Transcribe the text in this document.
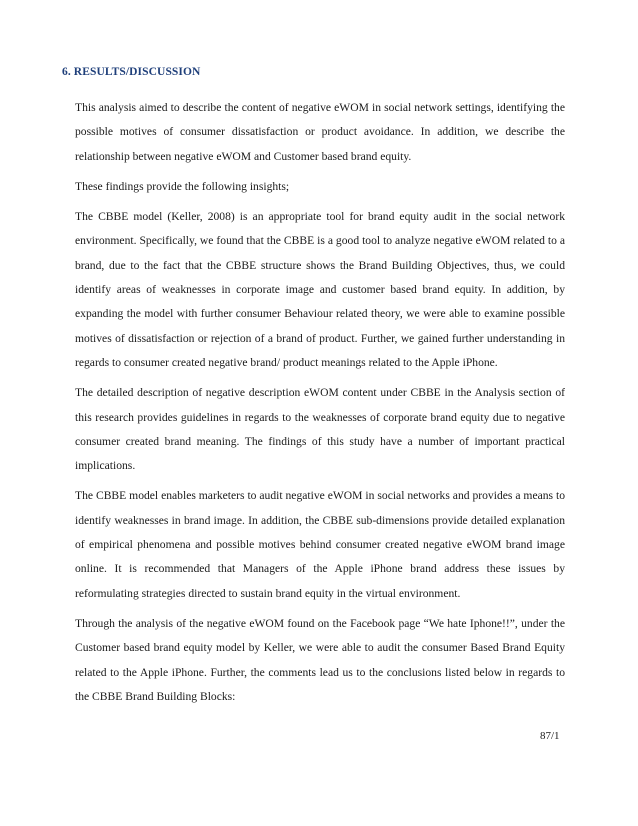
6. RESULTS/DISCUSSION

This analysis aimed to describe the content of negative eWOM in social network settings, identifying the possible motives of consumer dissatisfaction or product avoidance. In addition, we describe the relationship between negative eWOM and Customer based brand equity.

These findings provide the following insights;

The CBBE model (Keller, 2008) is an appropriate tool for brand equity audit in the social network environment. Specifically, we found that the CBBE is a good tool to analyze negative eWOM related to a brand, due to the fact that the CBBE structure shows the Brand Building Objectives, thus, we could identify areas of weaknesses in corporate image and customer based brand equity. In addition, by expanding the model with further consumer Behaviour related theory, we were able to examine possible motives of dissatisfaction or rejection of a brand of product. Further, we gained further understanding in regards to consumer created negative brand/ product meanings related to the Apple iPhone.

The detailed description of negative description eWOM content under CBBE in the Analysis section of this research provides guidelines in regards to the weaknesses of corporate brand equity due to negative consumer created brand meaning. The findings of this study have a number of important practical implications.

The CBBE model enables marketers to audit negative eWOM in social networks and provides a means to identify weaknesses in brand image. In addition, the CBBE sub-dimensions provide detailed explanation of empirical phenomena and possible motives behind consumer created negative eWOM brand image online. It is recommended that Managers of the Apple iPhone brand address these issues by reformulating strategies directed to sustain brand equity in the virtual environment.

Through the analysis of the negative eWOM found on the Facebook page “We hate Iphone!!”, under the Customer based brand equity model by Keller, we were able to audit the consumer Based Brand Equity related to the Apple iPhone. Further, the comments lead us to the conclusions listed below in regards to the CBBE Brand Building Blocks:

87/1
